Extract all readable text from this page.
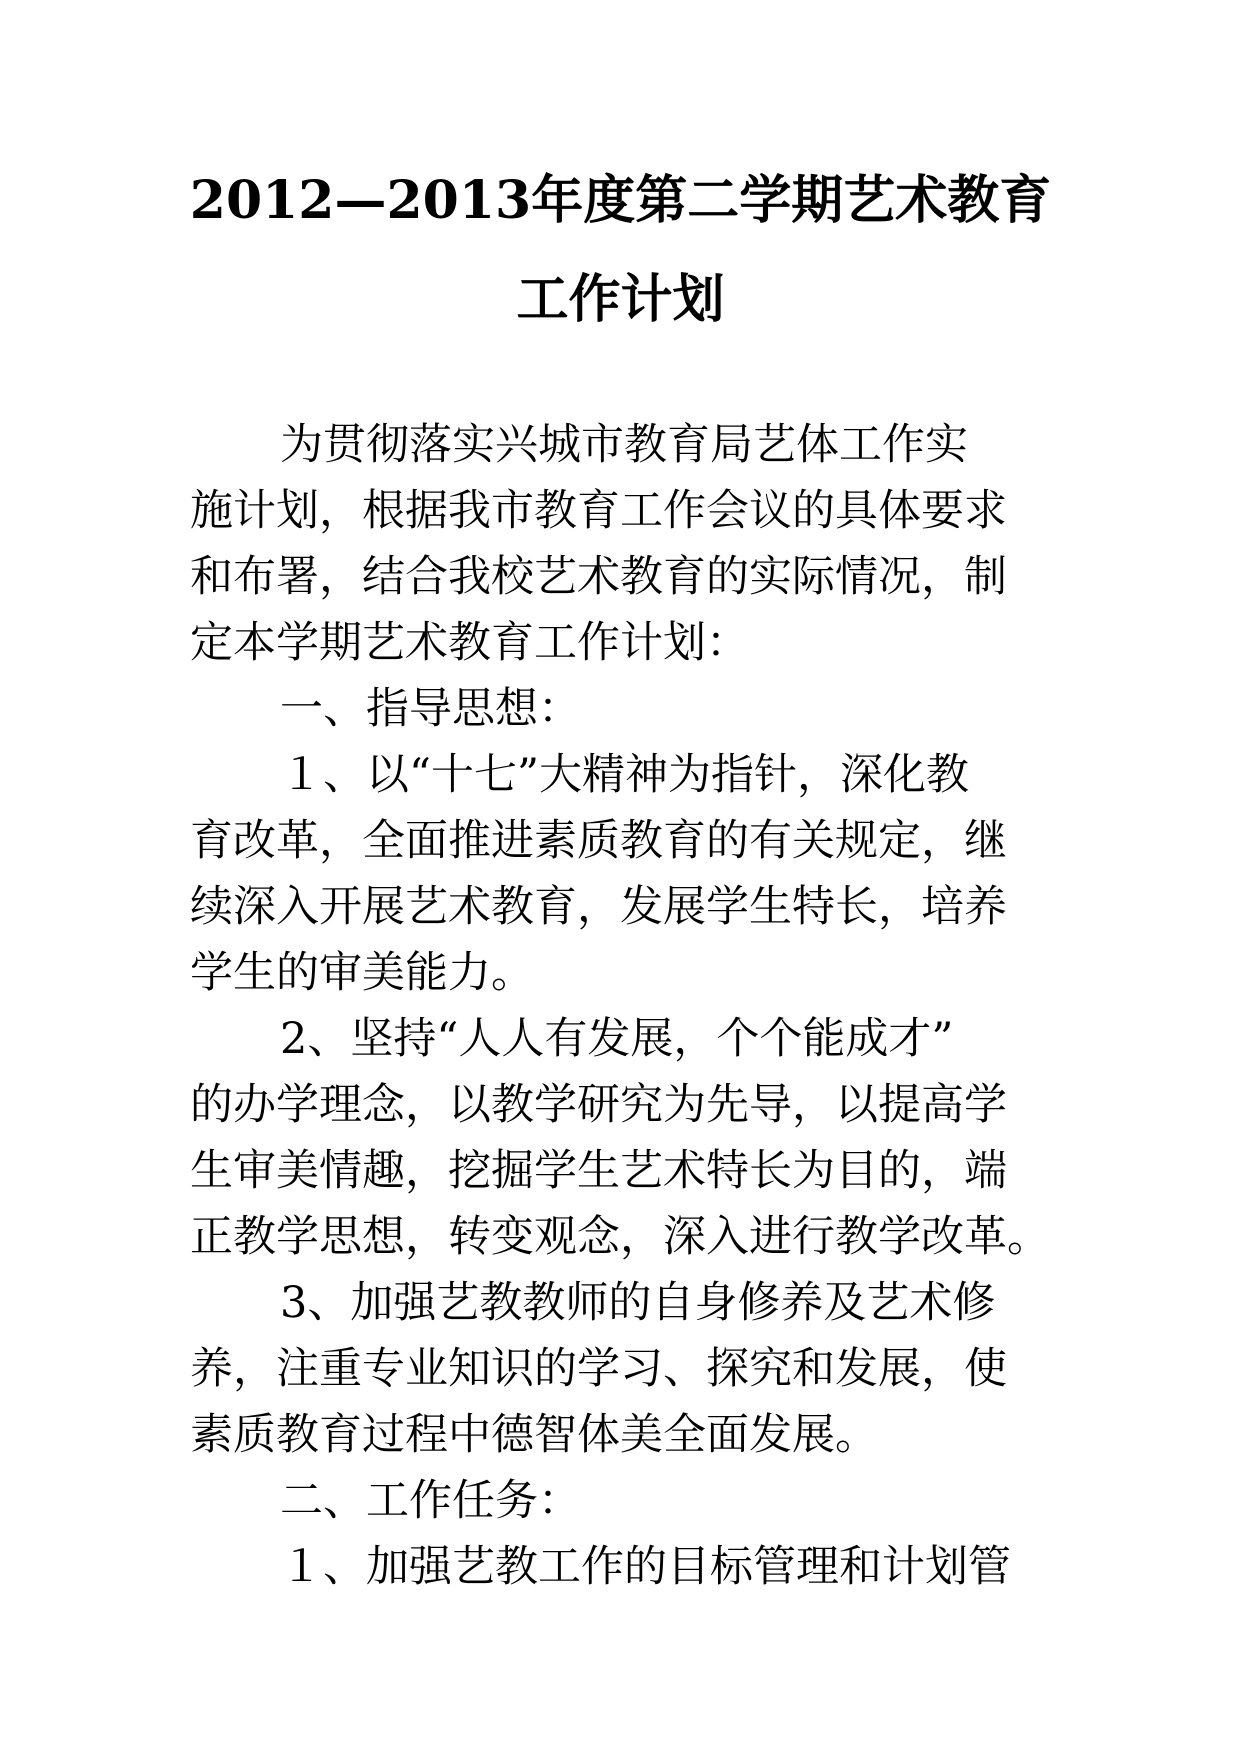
2012—2013年度第二学期艺术教育
工作计划
为贯彻落实兴城市教育局艺体工作实
施计划，根据我市教育工作会议的具体要求
和布署，结合我校艺术教育的实际情况，制
定本学期艺术教育工作计划：
一、指导思想：
１、以“十七”大精神为指针，深化教
育改革，全面推进素质教育的有关规定，继
续深入开展艺术教育，发展学生特长，培养
学生的审美能力。
2、坚持“人人有发展，个个能成才”
的办学理念，以教学研究为先导，以提高学
生审美情趣，挖掘学生艺术特长为目的，端
正教学思想，转变观念，深入进行教学改革。
3、加强艺教教师的自身修养及艺术修
养，注重专业知识的学习、探究和发展，使
素质教育过程中德智体美全面发展。
二、工作任务：
１、加强艺教工作的目标管理和计划管
